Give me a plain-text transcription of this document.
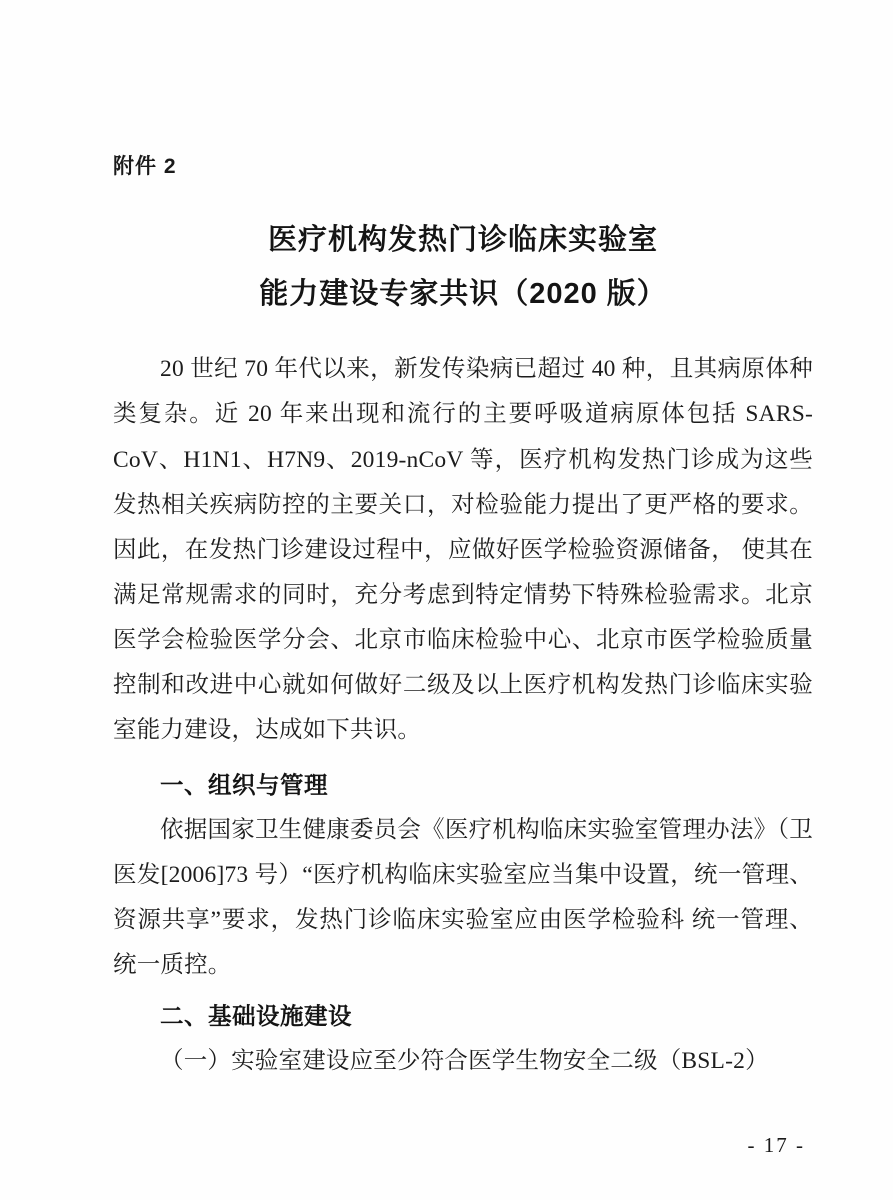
附件 2
医疗机构发热门诊临床实验室
能力建设专家共识（2020 版）

20 世纪 70 年代以来，新发传染病已超过 40 种，且其病原体种类复杂。近 20 年来出现和流行的主要呼吸道病原体包括 SARS-CoV、H1N1、H7N9、2019-nCoV 等，医疗机构发热门诊成为这些发热相关疾病防控的主要关口，对检验能力提出了更严格的要求。因此，在发热门诊建设过程中，应做好医学检验资源储备， 使其在满足常规需求的同时，充分考虑到特定情势下特殊检验需求。北京医学会检验医学分会、北京市临床检验中心、北京市医学检验质量控制和改进中心就如何做好二级及以上医疗机构发热门诊临床实验室能力建设，达成如下共识。

一、组织与管理

依据国家卫生健康委员会《医疗机构临床实验室管理办法》（卫医发[2006]73 号）“医疗机构临床实验室应当集中设置，统一管理、资源共享”要求，发热门诊临床实验室应由医学检验科 统一管理、统一质控。

二、基础设施建设

（一）实验室建设应至少符合医学生物安全二级（BSL-2）

- 17 -
